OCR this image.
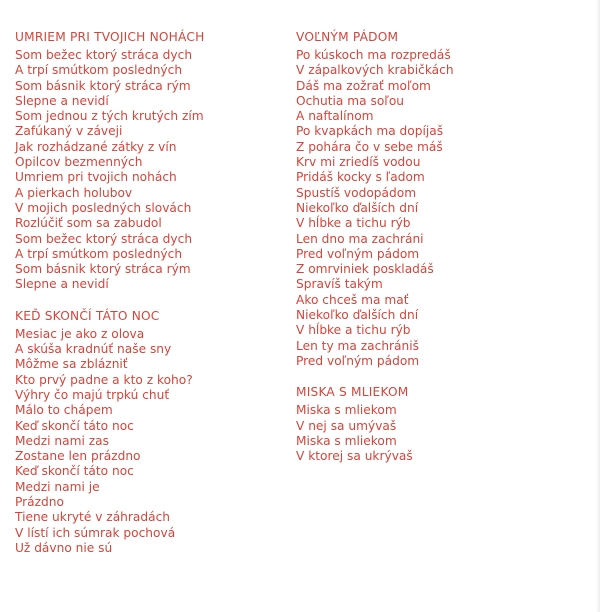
UMRIEM PRI TVOJICH NOHÁCH
Som bežec ktorý stráca dych
A trpí smútkom posledných
Som básnik ktorý stráca rým
Slepne a nevidí
Som jednou z tých krutých zím
Zafúkaný v záveji
Jak rozhádzané zátky z vín
Opilcov bezmenných
Umriem pri tvojich nohách
A pierkach holubov
V mojich posledných slovách
Rozlúčiť som sa zabudol
Som bežec ktorý stráca dych
A trpí smútkom posledných
Som básnik ktorý stráca rým
Slepne a nevidí
KEĎ SKONČÍ TÁTO NOC
Mesiac je ako z olova
A skúša kradnúť naše sny
Môžme sa zblázniť
Kto prvý padne a kto z koho?
Výhry čo majú trpkú chuť
Málo to chápem
Keď skončí táto noc
Medzi nami zas
Zostane len prázdno
Keď skončí táto noc
Medzi nami je
Prázdno
Tiene ukryté v záhradách
V lístí ich súmrak pochová
Už dávno nie sú
VOĽNÝM PÁDOM
Po kúskoch ma rozpredáš
V zápalkových krabičkách
Dáš ma zožrať moľom
Ochutia ma soľou
A naftalínom
Po kvapkách ma dopíjaš
Z pohára čo v sebe máš
Krv mi zriedíš vodou
Pridáš kocky s ľadom
Spustíš vodopádom
Niekoľko ďalších dní
V hĺbke a tichu rýb
Len dno ma zachráni
Pred voľným pádom
Z omrviniek poskladáš
Spravíš takým
Ako chceš ma mať
Niekoľko ďalších dní
V hĺbke a tichu rýb
Len ty ma zachrániš
Pred voľným pádom
MISKA S MLIEKOM
Miska s mliekom
V nej sa umývaš
Miska s mliekom
V ktorej sa ukrývaš
